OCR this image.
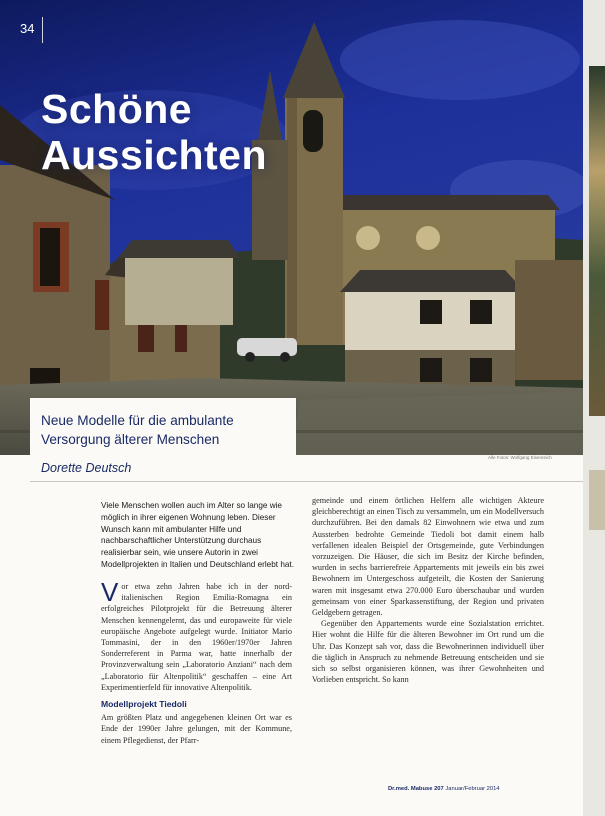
34
Schöne
Aussichten
Neue Modelle für die ambulante
Versorgung älterer Menschen
Alle Fotos: Wolfgang Eisenreich
Dorette Deutsch

Viele Menschen wollen auch im Alter so lange wie möglich in ihrer eigenen Wohnung leben. Dieser Wunsch kann mit ambulanter Hilfe und nachbarschaftlicher Unterstützung durchaus realisierbar sein, wie unsere Autorin in zwei Modellprojekten in Italien und Deutschland erlebt hat.

Vor etwa zehn Jahren habe ich in der nord-italienischen Region Emilia-Romagna ein erfolgreiches Pilotprojekt für die Betreuung älterer Menschen kennengelernt, das und europaweite für viele europäische Angebote aufgelegt wurde. Initiator Mario Tommasini, der in den 1960er/1970er Jahren Sonderreferent in Parma war, hatte innerhalb der Provinzverwaltung sein „Laboratorio Anziani“ nach dem „Laboratorio für Altenpolitik“ geschaffen – eine Art Experimentierfeld für innovative Altenpolitik.

Modellprojekt Tiedoli

Am größten Platz und angegebenen kleinen Ort war es Ende der 1990er Jahre gelungen, mit der Kommune, einem Pflegedienst, der Pfarr-

gemeinde und einem örtlichen Helfern alle wichtigen Akteure gleichberechtigt an einen Tisch zu versammeln, um ein Modellversuch durchzuführen. Bei den damals 82 Einwohnern wie etwa und zum Aussterben bedrohte Gemeinde Tiedoli bot damit einem halb verfallenen idealen Beispiel der Ortsgemeinde, gute Verbindungen vorzuzeigen. Die Häuser, die sich im Besitz der Kirche befinden, wurden in sechs barrierefreie Appartements mit jeweils ein bis zwei Bewohnern im Untergeschoss aufgeteilt, die Kosten der Sanierung waren mit insgesamt etwa 270.000 Euro überschaubar und wurden gemeinsam von einer Sparkassenstiftung, der Region und privaten Geldgebern getragen.

Gegenüber den Appartements wurde eine Sozialstation errichtet. Hier wohnt die Hilfe für die älteren Bewohner im Ort rund um die Uhr. Das Konzept sah vor, dass die Bewohnerinnen individuell über die täglich in Anspruch zu nehmende Betreuung entscheiden und sie sich so selbst organisieren können, was ihrer Gewohnheiten und Vorlieben entspricht. So kann

Dr.med. Mabuse 207 Januar/Februar 2014
